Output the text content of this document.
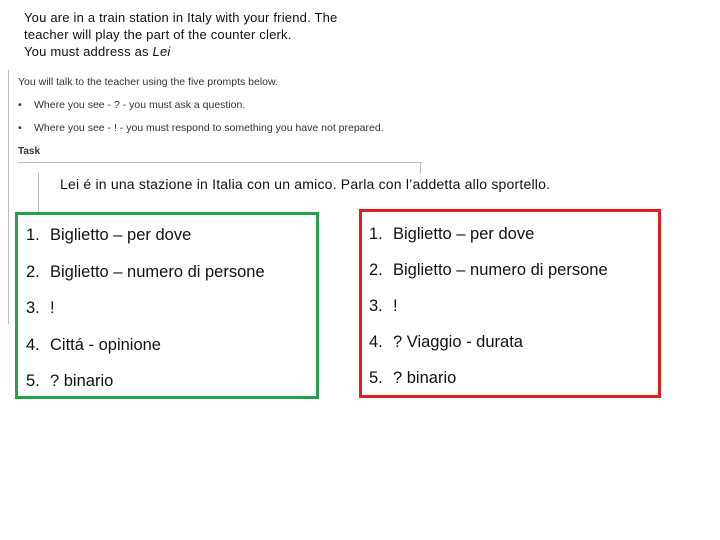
You are in a train station in Italy with your friend. The
teacher will play the part of the counter clerk.
You must address as Lei
You will talk to the teacher using the five prompts below.
• Where you see - ? - you must ask a question.
• Where you see - ! - you must respond to something you have not prepared.
Task
Lei é in una stazione in Italia con un amico. Parla con l’addetta allo sportello.
1. Biglietto – per dove
2. Biglietto – numero di persone
3. !
4. Cittá - opinione
5. ? binario
1. Biglietto – per dove
2. Biglietto – numero di persone
3. !
4. ? Viaggio - durata
5. ? binario
